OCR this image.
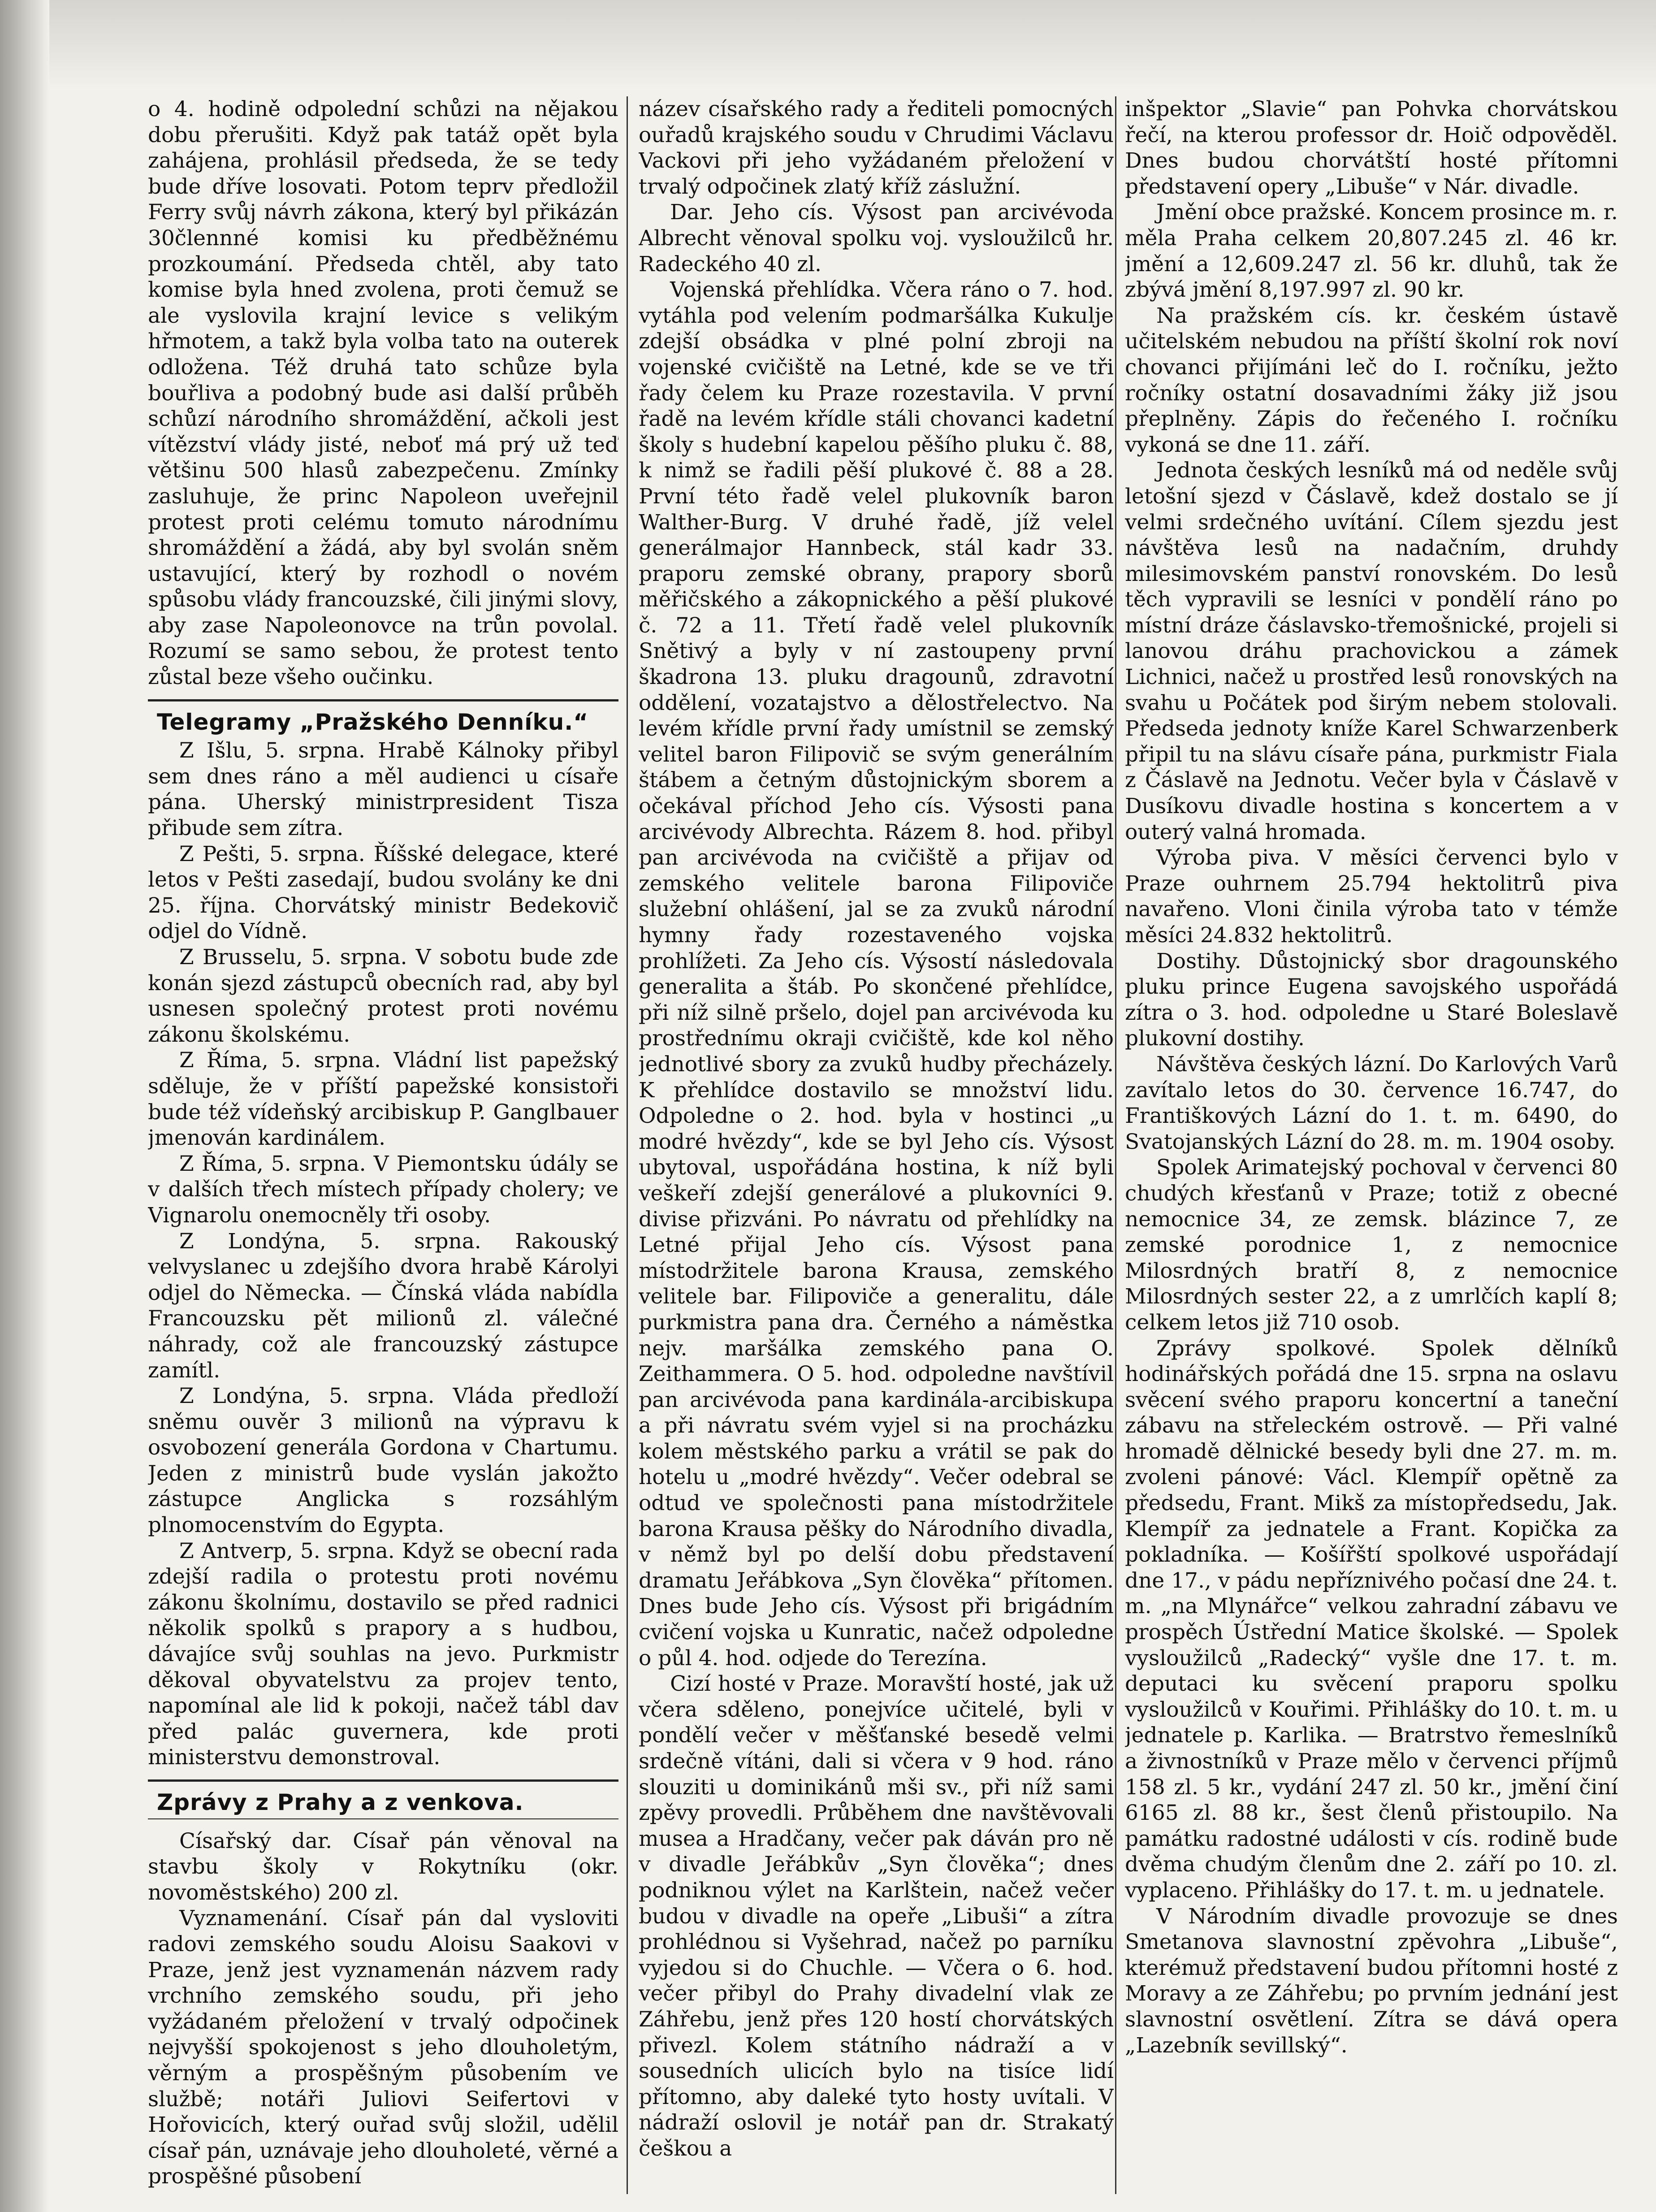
o 4. hodině odpolední schůzi na nějakou dobu přerušiti. Když pak tatáž opět byla zahájena, prohlásil předseda, že se tedy bude dříve losovati. Potom teprv předložil Ferry svůj návrh zákona, který byl přikázán 30člennné komisi ku předběžnému prozkoumání. Předseda chtěl, aby tato komise byla hned zvolena, proti čemuž se ale vyslovila krajní levice s velikým hřmotem, a takž byla volba tato na outerek odložena. Též druhá tato schůze byla bouřliva a podobný bude asi další průběh schůzí národního shromáždění, ačkoli jest vítězství vlády jisté, neboť má prý už teď většinu 500 hlasů zabezpečenu. Zmínky zasluhuje, že princ Napoleon uveřejnil protest proti celému tomuto národnímu shromáždění a žádá, aby byl svolán sněm ustavující, který by rozhodl o novém spůsobu vlády francouzské, čili jinými slovy, aby zase Napoleonovce na trůn povolal. Rozumí se samo sebou, že protest tento zůstal beze všeho oučinku.

Telegramy „Pražského Denníku.“

Z Išlu, 5. srpna. Hrabě Kálnoky přibyl sem dnes ráno a měl audienci u císaře pána. Uherský ministrpresident Tisza přibude sem zítra.

Z Pešti, 5. srpna. Říšské delegace, které letos v Pešti zasedají, budou svolány ke dni 25. října. Chorvátský ministr Bedekovič odjel do Vídně.

Z Brusselu, 5. srpna. V sobotu bude zde konán sjezd zástupců obecních rad, aby byl usnesen společný protest proti novému zákonu školskému.

Z Říma, 5. srpna. Vládní list papežský sděluje, že v příští papežské konsistoři bude též vídeňský arcibiskup P. Ganglbauer jmenován kardinálem.

Z Říma, 5. srpna. V Piemontsku údály se v dalších třech místech případy cholery; ve Vignarolu onemocněly tři osoby.

Z Londýna, 5. srpna. Rakouský velvyslanec u zdejšího dvora hrabě Károlyi odjel do Německa. — Čínská vláda nabídla Francouzsku pět milionů zl. válečné náhrady, což ale francouzský zástupce zamítl.

Z Londýna, 5. srpna. Vláda předloží sněmu ouvěr 3 milionů na výpravu k osvobození generála Gordona v Chartumu. Jeden z ministrů bude vyslán jakožto zástupce Anglicka s rozsáhlým plnomocenstvím do Egypta.

Z Antverp, 5. srpna. Když se obecní rada zdejší radila o protestu proti novému zákonu školnímu, dostavilo se před radnici několik spolků s prapory a s hudbou, dávajíce svůj souhlas na jevo. Purkmistr děkoval obyvatelstvu za projev tento, napomínal ale lid k pokoji, načež tábl dav před palác guvernera, kde proti ministerstvu demonstroval.

Zprávy z Prahy a z venkova.

Císařský dar. Císař pán věnoval na stavbu školy v Rokytníku (okr. novoměstského) 200 zl.

Vyznamenání. Císař pán dal vysloviti radovi zemského soudu Aloisu Saakovi v Praze, jenž jest vyznamenán názvem rady vrchního zemského soudu, při jeho vyžádaném přeložení v trvalý odpočinek nejvyšší spokojenost s jeho dlouholetým, věrným a prospěšným působením ve službě; notáři Juliovi Seifertovi v Hořovicích, který ouřad svůj složil, udělil císař pán, uznávaje jeho dlouholeté, věrné a prospěšné působení

název císařského rady a řediteli pomocných ouřadů krajského soudu v Chrudimi Václavu Vackovi při jeho vyžádaném přeložení v trvalý odpočinek zlatý kříž záslužní.

Dar. Jeho cís. Výsost pan arcivévoda Albrecht věnoval spolku voj. vysloužilců hr. Radeckého 40 zl.

Vojenská přehlídka. Včera ráno o 7. hod. vytáhla pod velením podmaršálka Kukulje zdejší obsádka v plné polní zbroji na vojenské cvičiště na Letné, kde se ve tři řady čelem ku Praze rozestavila. V první řadě na levém křídle stáli chovanci kadetní školy s hudební kapelou pěšího pluku č. 88, k nimž se řadili pěší plukové č. 88 a 28. První této řadě velel plukovník baron Walther-Burg. V druhé řadě, jíž velel generálmajor Hannbeck, stál kadr 33. praporu zemské obrany, prapory sborů měřičského a zákopnického a pěší plukové č. 72 a 11. Třetí řadě velel plukovník Snětivý a byly v ní zastoupeny první škadrona 13. pluku dragounů, zdravotní oddělení, vozatajstvo a dělostřelectvo. Na levém křídle první řady umístnil se zemský velitel baron Filipovič se svým generálním štábem a četným důstojnickým sborem a očekával příchod Jeho cís. Výsosti pana arcivévody Albrechta. Rázem 8. hod. přibyl pan arcivévoda na cvičiště a přijav od zemského velitele barona Filipoviče služební ohlášení, jal se za zvuků národní hymny řady rozestaveného vojska prohlížeti. Za Jeho cís. Výsostí následovala generalita a štáb. Po skončené přehlídce, při níž silně pršelo, dojel pan arcivévoda ku prostřednímu okraji cvičiště, kde kol něho jednotlivé sbory za zvuků hudby přecházely. K přehlídce dostavilo se množství lidu. Odpoledne o 2. hod. byla v hostinci „u modré hvězdy“, kde se byl Jeho cís. Výsost ubytoval, uspořádána hostina, k níž byli veškeří zdejší generálové a plukovníci 9. divise přizváni. Po návratu od přehlídky na Letné přijal Jeho cís. Výsost pana místodržitele barona Krausa, zemského velitele bar. Filipoviče a generalitu, dále purkmistra pana dra. Černého a náměstka nejv. maršálka zemského pana O. Zeithammera. O 5. hod. odpoledne navštívil pan arcivévoda pana kardinála-arcibiskupa a při návratu svém vyjel si na procházku kolem městského parku a vrátil se pak do hotelu u „modré hvězdy“. Večer odebral se odtud ve společnosti pana místodržitele barona Krausa pěšky do Národního divadla, v němž byl po delší dobu představení dramatu Jeřábkova „Syn člověka“ přítomen. Dnes bude Jeho cís. Výsost při brigádním cvičení vojska u Kunratic, načež odpoledne o půl 4. hod. odjede do Terezína.

Cizí hosté v Praze. Moravští hosté, jak už včera sděleno, ponejvíce učitelé, byli v pondělí večer v měšťanské besedě velmi srdečně vítáni, dali si včera v 9 hod. ráno slouziti u dominikánů mši sv., při níž sami zpěvy provedli. Průběhem dne navštěvovali musea a Hradčany, večer pak dáván pro ně v divadle Jeřábkův „Syn člověka“; dnes podniknou výlet na Karlštein, načež večer budou v divadle na opeře „Libuši“ a zítra prohlédnou si Vyšehrad, načež po parníku vyjedou si do Chuchle. — Včera o 6. hod. večer přibyl do Prahy divadelní vlak ze Záhřebu, jenž přes 120 hostí chorvátských přivezl. Kolem státního nádraží a v sousedních ulicích bylo na tisíce lidí přítomno, aby daleké tyto hosty uvítali. V nádraží oslovil je notář pan dr. Strakatý češkou a

inšpektor „Slavie“ pan Pohvka chorvátskou řečí, na kterou professor dr. Hoič odpověděl. Dnes budou chorvátští hosté přítomni představení opery „Libuše“ v Nár. divadle.

Jmění obce pražské. Koncem prosince m. r. měla Praha celkem 20,807.245 zl. 46 kr. jmění a 12,609.247 zl. 56 kr. dluhů, tak že zbývá jmění 8,197.997 zl. 90 kr.

Na pražském cís. kr. českém ústavě učitelském nebudou na příští školní rok noví chovanci přijímáni leč do I. ročníku, ježto ročníky ostatní dosavadními žáky již jsou přeplněny. Zápis do řečeného I. ročníku vykoná se dne 11. září.

Jednota českých lesníků má od neděle svůj letošní sjezd v Čáslavě, kdež dostalo se jí velmi srdečného uvítání. Cílem sjezdu jest návštěva lesů na nadačním, druhdy milesimovském panství ronovském. Do lesů těch vypravili se lesníci v pondělí ráno po místní dráze čáslavsko-třemošnické, projeli si lanovou dráhu prachovickou a zámek Lichnici, načež u prostřed lesů ronovských na svahu u Počátek pod širým nebem stolovali. Předseda jednoty kníže Karel Schwarzenberk připil tu na slávu císaře pána, purkmistr Fiala z Čáslavě na Jednotu. Večer byla v Čáslavě v Dusíkovu divadle hostina s koncertem a v outerý valná hromada.

Výroba piva. V měsíci červenci bylo v Praze ouhrnem 25.794 hektolitrů piva navařeno. Vloni činila výroba tato v témže měsíci 24.832 hektolitrů.

Dostihy. Důstojnický sbor dragounského pluku prince Eugena savojského uspořádá zítra o 3. hod. odpoledne u Staré Boleslavě plukovní dostihy.

Návštěva českých lázní. Do Karlových Varů zavítalo letos do 30. července 16.747, do Františkových Lázní do 1. t. m. 6490, do Svatojanských Lázní do 28. m. m. 1904 osoby.

Spolek Arimatejský pochoval v červenci 80 chudých křesťanů v Praze; totiž z obecné nemocnice 34, ze zemsk. blázince 7, ze zemské porodnice 1, z nemocnice Milosrdných bratří 8, z nemocnice Milosrdných sester 22, a z umrlčích kaplí 8; celkem letos již 710 osob.

Zprávy spolkové. Spolek dělníků hodinářských pořádá dne 15. srpna na oslavu svěcení svého praporu koncertní a taneční zábavu na střeleckém ostrově. — Při valné hromadě dělnické besedy byli dne 27. m. m. zvoleni pánové: Václ. Klempíř opětně za předsedu, Frant. Mikš za místopředsedu, Jak. Klempíř za jednatele a Frant. Kopička za pokladníka. — Košířští spolkové uspořádají dne 17., v pádu nepříznivého počasí dne 24. t. m. „na Mlynářce“ velkou zahradní zábavu ve prospěch Ústřední Matice školské. — Spolek vysloužilců „Radecký“ vyšle dne 17. t. m. deputaci ku svěcení praporu spolku vysloužilců v Kouřimi. Přihlášky do 10. t. m. u jednatele p. Karlika. — Bratrstvo řemeslníků a živnostníků v Praze mělo v červenci příjmů 158 zl. 5 kr., vydání 247 zl. 50 kr., jmění činí 6165 zl. 88 kr., šest členů přistoupilo. Na památku radostné události v cís. rodině bude dvěma chudým členům dne 2. září po 10. zl. vyplaceno. Přihlášky do 17. t. m. u jednatele.

V Národním divadle provozuje se dnes Smetanova slavnostní zpěvohra „Libuše“, kterémuž představení budou přítomni hosté z Moravy a ze Záhřebu; po prvním jednání jest slavnostní osvětlení. Zítra se dává opera „Lazebník sevillský“.
